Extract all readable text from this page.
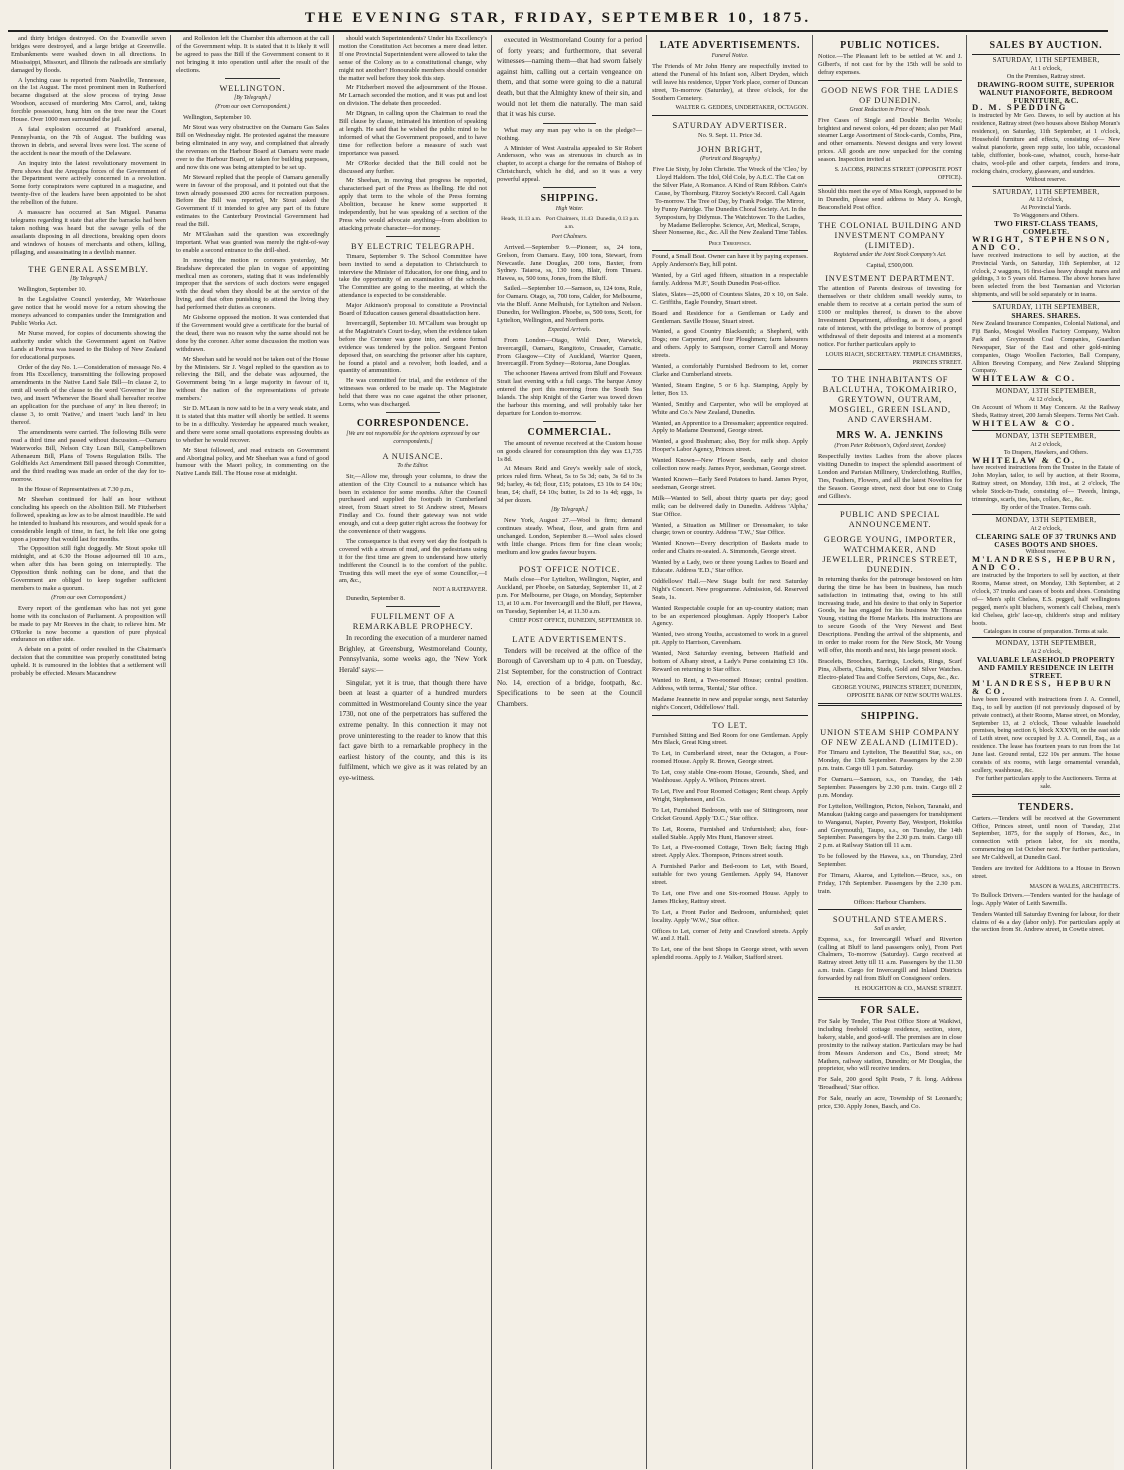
THE EVENING STAR, FRIDAY, SEPTEMBER 10, 1875.

and thirty bridges destroyed. On the Evansville seven bridges were destroyed, and a large bridge at Greenville. Embankments were washed down in all directions. In Mississippi, Missouri, and Illinois the railroads are similarly damaged by floods.

A lynching case is reported from Nashville, Tennessee, on the 1st August. The most prominent men in Rutherford became disguised at the slow process of trying Jesse Woodson, accused of murdering Mrs Carrol, and, taking forcible possession, hung him on the tree near the Court House. Over 1000 men surrounded the jail.

A fatal explosion occurred at Frankford arsenal, Pennsylvania, on the 7th of August. The building was thrown in debris, and several lives were lost. The scene of the accident is near the mouth of the Delaware.

An inquiry into the latest revolutionary movement in Peru shows that the Arequipa forces of the Government of the Department were actively concerned in a revolution. Some forty conspirators were captured in a magazine, and twenty-five of the leaders have been appointed to be shot the rebellion of the future.

A massacre has occurred at San Miguel. Panama telegrams regarding it state that after the barracks had been taken nothing was heard but the savage yells of the assailants disposing in all directions, breaking open doors and windows of houses of merchants and others, killing, pillaging, and assassinating in a devilish manner.

THE GENERAL ASSEMBLY.
[By Telegraph.]

Wellington, September 10.

In the Legislative Council yesterday, Mr Waterhouse gave notice that he would move for a return showing the moneys advanced to companies under the Immigration and Public Works Act.

Mr Nurse moved, for copies of documents showing the authority under which the Government agent on Native Lands at Porirua was issued to the Bishop of New Zealand for educational purposes.

Order of the day No. 1.—Consideration of message No. 4 from His Excellency, transmitting the following proposed amendments in the Native Land Sale Bill—In clause 2, to omit all words of the clause to the word 'Governor' in line two, and insert 'Whenever the Board shall hereafter receive an application for the purchase of any' in lieu thereof; in clause 3, to omit 'Native,' and insert 'such land' in lieu thereof.

The amendments were carried. The following Bills were read a third time and passed without discussion.—Oamaru Waterworks Bill, Nelson City Loan Bill, Campbelltown Athenaeum Bill, Plans of Towns Regulation Bills. The Goldfields Act Amendment Bill passed through Committee, and the third reading was made an order of the day for to-morrow.

In the House of Representatives at 7.30 p.m.,

Mr Sheehan continued for half an hour without concluding his speech on the Abolition Bill. Mr Fitzherbert followed, speaking as low as to be almost inaudible. He said he intended to husband his resources, and would speak for a considerable length of time, in fact, he felt like one going upon a journey that would last for months.

The Opposition still fight doggedly. Mr Stout spoke till midnight, and at 6.30 the House adjourned till 10 a.m., when after this has been going on interruptedly. The Opposition think nothing can be done, and that the Government are obliged to keep together sufficient members to make a quorum.

(From our own Correspondent.)

Every report of the gentleman who has not yet gone home with its conclusion of Parliament. A proposition will be made to pay Mr Reeves in the chair, to relieve him. Mr O'Rorke is now become a question of pure physical endurance on either side.

A debate on a point of order resulted in the Chairman's decision that the committee was properly constituted being upheld. It is rumoured in the lobbies that a settlement will probably be effected. Messrs Macandrew

and Rolleston left the Chamber this afternoon at the call of the Government whip. It is stated that it is likely it will be agreed to pass the Bill if the Government consent to it not bringing it into operation until after the result of the elections.

WELLINGTON.
[By Telegraph.]
(From our own Correspondent.)

Wellington, September 10.

Mr Stout was very obstructive on the Oamaru Gas Sales Bill on Wednesday night. He protested against the measure being eliminated in any way, and complained that already the revenues on the Harbour Board at Oamaru were made over to the Harbour Board, or taken for building purposes, and now this one was being attempted to be set up.

Mr Steward replied that the people of Oamaru generally were in favour of the proposal, and it pointed out that the town already possessed 200 acres for recreation purposes. Before the Bill was reported, Mr Stout asked the Government if it intended to give any part of its future estimates to the Canterbury Provincial Government had read the Bill.

Mr M'Glashan said the question was exceedingly important. What was granted was merely the right-of-way to enable a second entrance to the drill-shed.

In moving the motion re coroners yesterday, Mr Bradshaw deprecated the plan in vogue of appointing medical men as coroners, stating that it was indefensibly improper that the services of such doctors were engaged with the dead when they should be at the service of the living, and that often punishing to attend the living they had performed their duties as coroners.

Mr Gisborne opposed the motion. It was contended that if the Government would give a certificate for the burial of the dead, there was no reason why the same should not be done by the coroner. After some discussion the motion was withdrawn.

Mr Sheehan said he would not be taken out of the House by the Ministers. Sir J. Vogel replied to the question as to relieving the Bill, and the debate was adjourned, the Government being 'in a large majority in favour of it, without the nation of the representations of private members.'

Sir D. M'Lean is now said to be in a very weak state, and it is stated that this matter will shortly be settled. It seems to be in a difficulty. Yesterday he appeared much weaker, and there were some small quotations expressing doubts as to whether he would recover.

Mr Stout followed, and read extracts on Government and Aboriginal policy, and Mr Sheehan was a fund of good humour with the Maori policy, in commenting on the Native Lands Bill. The House rose at midnight.

should watch Superintendents? Under his Excellency's motion the Constitution Act becomes a mere dead letter. If one Provincial Superintendent were allowed to take the sense of the Colony as to a constitutional change, why might not another? Honourable members should consider the matter well before they took this step.

Mr Fitzherbert moved the adjournment of the House. Mr Larnach seconded the motion, and it was put and lost on division. The debate then proceeded.

Mr Dignan, in calling upon the Chairman to read the Bill clause by clause, intimated his intention of speaking at length. He said that he wished the public mind to be informed of what the Government proposed, and to have time for reflection before a measure of such vast importance was passed.

Mr O'Rorke decided that the Bill could not be discussed any further.

Mr Sheehan, in moving that progress be reported, characterised part of the Press as libelling. He did not apply that term to the whole of the Press forming Abolition, because he knew some supported it independently, but he was speaking of a section of the Press who would advocate anything—from abolition to attacking private character—for money.

BY ELECTRIC TELEGRAPH.

Timaru, September 9. The School Committee have been invited to send a deputation to Christchurch to interview the Minister of Education, for one thing, and to take the opportunity of an examination of the schools. The Committee are going to the meeting, at which the attendance is expected to be considerable.

Major Atkinson's proposal to constitute a Provincial Board of Education causes general dissatisfaction here.

Invercargill, September 10. M'Callum was brought up at the Magistrate's Court to-day, when the evidence taken before the Coroner was gone into, and some formal evidence was tendered by the police. Sergeant Fenton deposed that, on searching the prisoner after his capture, he found a pistol and a revolver, both loaded, and a quantity of ammunition.

He was committed for trial, and the evidence of the witnesses was ordered to be made up. The Magistrate held that there was no case against the other prisoner, Lorns, who was discharged.

CORRESPONDENCE.
[We are not responsible for the opinions expressed by our correspondents.]
A NUISANCE.
To the Editor.

Sir,—Allow me, through your columns, to draw the attention of the City Council to a nuisance which has been in existence for some months. After the Council purchased and supplied the footpath in Cumberland street, from Stuart street to St Andrew street, Messrs Findlay and Co. found their gateway was not wide enough, and cut a deep gutter right across the footway for the convenience of their waggons.

The consequence is that every wet day the footpath is covered with a stream of mud, and the pedestrians using it for the first time are given to understand how utterly indifferent the Council is to the comfort of the public. Trusting this will meet the eye of some Councillor,—I am, &c.,

NOT A RATEPAYER.

Dunedin, September 8.

FULFILMENT OF A REMARKABLE PROPHECY.

In recording the execution of a murderer named Brighley, at Greensburg, Westmoreland County, Pennsylvania, some weeks ago, the 'New York Herald' says:—

Singular, yet it is true, that though there have been at least a quarter of a hundred murders committed in Westmoreland County since the year 1730, not one of the perpetrators has suffered the extreme penalty. In this connection it may not prove uninteresting to the reader to know that this fact gave birth to a remarkable prophecy in the earliest history of the county, and this is its fulfilment, which we give as it was related by an eye-witness.

executed in Westmoreland County for a period of forty years; and furthermore, that several witnesses—naming them—that had sworn falsely against him, calling out a certain vengeance on them, and that some were going to die a natural death, but that the Almighty knew of their sin, and would not let them die naturally. The man said that it was his curse.

What may any man pay who is on the pledge?—Nothing.

A Minister of West Australia appealed to Sir Robert Andersson, who was as strenuous in church as in chapter, to accept a charge for the remains of Bishop of Christchurch, which he did, and so it was a very powerful appeal.

SHIPPING.
High Water.
Heads, 11.13 a.m. Port Chalmers, 11.43 a.m.
Dunedin, 0.13 p.m.
Port Chalmers.

Arrived.—September 9.—Pioneer, ss, 24 tons, Grelson, from Oamaru. Easy, 100 tons, Stewart, from Newcastle. Jane Douglas, 200 tons, Baxter, from Sydney. Taiaroa, ss, 130 tons, Blair, from Timaru. Hawea, ss, 500 tons, Jones, from the Bluff.

Sailed.—September 10.—Samson, ss, 124 tons, Rule, for Oamaru. Otago, ss, 700 tons, Calder, for Melbourne, via the Bluff. Anne Melhuish, for Lyttelton and Nelson. Dunedin, for Wellington. Phoebe, ss, 500 tons, Scott, for Lyttelton, Wellington, and Northern ports.

Expected Arrivals.

From London—Otago, Wild Deer, Warwick, Invercargill, Oamaru, Rangitoto, Crusader, Carnatic. From Glasgow—City of Auckland, Warrior Queen, Invercargill. From Sydney—Rotorua, Jane Douglas.

The schooner Hawea arrived from Bluff and Foveaux Strait last evening with a full cargo. The barque Amoy entered the port this morning from the South Sea Islands. The ship Knight of the Garter was towed down the harbour this morning, and will probably take her departure for London to-morrow.

COMMERCIAL.

The amount of revenue received at the Custom house on goods cleared for consumption this day was £1,735 1s 8d.

At Messrs Reid and Grey's weekly sale of stock, prices ruled firm. Wheat, 5s to 5s 3d; oats, 3s 6d to 3s 9d; barley, 4s 6d; flour, £15; potatoes, £3 10s to £4 10s; bran, £4; chaff, £4 10s; butter, 1s 2d to 1s 4d; eggs, 1s 3d per dozen.

[By Telegraph.]

New York, August 27.—Wool is firm; demand continues steady. Wheat, flour, and grain firm and unchanged. London, September 8.—Wool sales closed with little change. Prices firm for fine clean wools; medium and low grades favour buyers.

POST OFFICE NOTICE.

Mails close—For Lyttelton, Wellington, Napier, and Auckland, per Phoebe, on Saturday, September 11, at 2 p.m. For Melbourne, per Otago, on Monday, September 13, at 10 a.m. For Invercargill and the Bluff, per Hawea, on Tuesday, September 14, at 11.30 a.m.

CHIEF POST OFFICE, DUNEDIN, SEPTEMBER 10.
LATE ADVERTISEMENTS.

Tenders will be received at the office of the Borough of Caversham up to 4 p.m. on Tuesday, 21st September, for the construction of Contract No. 14, erection of a bridge, footpath, &c. Specifications to be seen at the Council Chambers.

LATE ADVERTISEMENTS.
Funeral Notice.

The Friends of Mr John Henry are respectfully invited to attend the Funeral of his Infant son, Albert Dryden, which will leave his residence, Upper York place, corner of Duncan street, To-morrow (Saturday), at three o'clock, for the Southern Cemetery.

WALTER G. GEDDES, UNDERTAKER, OCTAGON.
SATURDAY ADVERTISER.
No. 9. Sept. 11. Price 3d.
JOHN BRIGHT,
(Portrait and Biography.)

Five Lie Sixty, by John Christie. The Wreck of the 'Cleo,' by Lloyd Haldorn. The Idol, Old Cole, by A.E.C. The Cat on the Silver Plate, A Romance. A Kind of Rum Ribbon. Cain's Cause, by Thornburg. Fitzroy Society's Record. Call Again To-morrow. The Tree of Day, by Frank Podge. The Mirror, by Funny Patridge. The Dunedin Choral Society. Art. In the Symposium, by Didymus. The Watchtower. To the Ladies, by Madame Bellerophe. Science, Art, Medical, Scraps, Sheer Nonsense, &c., &c. All the New Zealand Time Tables.

Price Threepence.

Found, a Small Boat. Owner can have it by paying expenses. Apply Anderson's Bay, hill point.

Wanted, by a Girl aged fifteen, situation in a respectable family. Address 'M.P.', South Dunedin Post-office.

Slates, Slates—25,000 of Countess Slates, 20 x 10, on Sale. C. Griffiths, Eagle Foundry, Stuart street.

Board and Residence for a Gentleman or Lady and Gentleman. Saville House, Stuart street.

Wanted, a good Country Blacksmith; a Shepherd, with Dogs; one Carpenter, and four Ploughmen; farm labourers and others. Apply to Sampson, corner Carroll and Moray streets.

Wanted, a comfortably Furnished Bedroom to let, corner Clarke and Cumberland streets.

Wanted, Steam Engine, 5 or 6 h.p. Stamping, Apply by letter, Box 13.

Wanted, Smithy and Carpenter, who will be employed at White and Co.'s New Zealand, Dunedin.

Wanted, an Apprentice to a Dressmaker; apprentice required. Apply to Madame Desmond, George street.

Wanted, a good Bushman; also, Boy for milk shop. Apply Hooper's Labor Agency, Princes street.

Wanted Known—New Flower Seeds, early and choice collection now ready. James Pryor, seedsman, George street.

Wanted Known—Early Seed Potatoes to hand. James Pryor, seedsman, George street.

Milk—Wanted to Sell, about thirty quarts per day; good milk; can be delivered daily in Dunedin. Address 'Alpha,' Star Office.

Wanted, a Situation as Milliner or Dressmaker, to take charge; town or country. Address 'T.W.,' Star Office.

Wanted Known—Every description of Baskets made to order and Chairs re-seated. A. Simmonds, George street.

Wanted by a Lady, two or three young Ladies to Board and Educate. Address 'E.D.,' Star office.

Oddfellows' Hall.—New Stage built for next Saturday Night's Concert. New programme. Admission, 6d. Reserved Seats, 1s.

Wanted Respectable couple for an up-country station; man to be an experienced ploughman. Apply Hooper's Labor Agency.

Wanted, two strong Youths, accustomed to work in a gravel pit. Apply to Harrison, Caversham.

Wanted, Next Saturday evening, between Hatfield and bottom of Albany street, a Lady's Purse containing £3 10s. Reward on returning to Star office.

Wanted to Rent, a Two-roomed House; central position. Address, with terms, 'Rental,' Star office.

Madame Jeannette in new and popular songs, next Saturday night's Concert, Oddfellows' Hall.

TO LET.

Furnished Sitting and Bed Room for one Gentleman. Apply Mrs Black, Great King street.

To Let, in Cumberland street, near the Octagon, a Four-roomed House. Apply R. Brown, George street.

To Let, cosy stable One-room House, Grounds, Shed, and Washhouse. Apply A. Wilson, Princes street.

To Let, Five and Four Roomed Cottages; Rent cheap. Apply Wright, Stephenson, and Co.

To Let, Furnished Bedroom, with use of Sittingroom, near Cricket Ground. Apply 'D.C.,' Star office.

To Let, Rooms, Furnished and Unfurnished; also, four-stalled Stable. Apply Mrs Hunt, Hanover street.

To Let, a Five-roomed Cottage, Town Belt; facing High street. Apply Alex. Thompson, Princes street south.

A Furnished Parlor and Bed-room to Let, with Board, suitable for two young Gentlemen. Apply 94, Hanover street.

To Let, one Five and one Six-roomed House. Apply to James Hickey, Rattray street.

To Let, a Front Parlor and Bedroom, unfurnished; quiet locality. Apply 'W.W.,' Star office.

Offices to Let, corner of Jetty and Crawford streets. Apply W. and J. Hall.

To Let, one of the best Shops in George street, with seven splendid rooms. Apply to J. Walker, Stafford street.

PUBLIC NOTICES.

Notice.—The Pleasant left to be settled at W. and J. Gilbert's, if not cast for by the 15th will be sold to defray expenses.

GOOD NEWS FOR THE LADIES OF DUNEDIN.
Great Reduction in Price of Wools.

Five Cases of Single and Double Berlin Wools; brightest and newest colors, 4d per dozen; also per Mail steamer Large Assortment of Stock-cards, Combs, Pins, and other ornaments. Newest designs and very lowest prices. All goods are now unpacked for the coming season. Inspection invited at

S. JACOBS, PRINCES STREET (OPPOSITE POST OFFICE).

Should this meet the eye of Miss Keogh, supposed to be in Dunedin, please send address to Mary A. Keogh, Beaconsfield Post office.

THE COLONIAL BUILDING AND INVESTMENT COMPANY (LIMITED).
Registered under the Joint Stock Company's Act.
Capital, £500,000.
INVESTMENT DEPARTMENT.

The attention of Parents desirous of investing for themselves or their children small weekly sums, to enable them to receive at a certain period the sum of £100 or multiples thereof, is drawn to the above Investment Department, affording, as it does, a good rate of interest, with the privilege to borrow of prompt withdrawal of their deposits and interest at a moment's notice. For further particulars apply to

LOUIS RIACH, SECRETARY. TEMPLE CHAMBERS, PRINCES STREET.
TO THE INHABITANTS OF BALCLUTHA, TOKOMAIRIRO, GREYTOWN, OUTRAM, MOSGIEL, GREEN ISLAND, AND CAVERSHAM.
MRS W. A. JENKINS
(From Peter Robinson's, Oxford street, London)

Respectfully invites Ladies from the above places visiting Dunedin to inspect the splendid assortment of London and Parisian Millinery, Underclothing, Ruffles, Ties, Feathers, Flowers, and all the latest Novelties for the Season. George street, next door but one to Craig and Gillies's.

PUBLIC AND SPECIAL ANNOUNCEMENT.
GEORGE YOUNG, IMPORTER, WATCHMAKER, AND JEWELLER, PRINCES STREET, DUNEDIN.

In returning thanks for the patronage bestowed on him during the time he has been in business, has much satisfaction in intimating that, owing to his still increasing trade, and his desire to that only in Superior Goods, he has engaged for his business Mr Thomas Young, visiting the Home Markets. His instructions are to secure Goods of the Very Newest and Best Descriptions. Pending the arrival of the shipments, and in order to make room for the New Stock, Mr Young will offer, this month and next, his large present stock.

Bracelets, Brooches, Earrings, Lockets, Rings, Scarf Pins, Alberts, Chains, Studs, Gold and Silver Watches. Electro-plated Tea and Coffee Services, Cups, &c., &c.

GEORGE YOUNG, PRINCES STREET, DUNEDIN, OPPOSITE BANK OF NEW SOUTH WALES.
SHIPPING.
UNION STEAM SHIP COMPANY OF NEW ZEALAND (LIMITED).

For Timaru and Lyttelton, The Beautiful Star, s.s., on Monday, the 13th September. Passengers by the 2.30 p.m. train. Cargo till 1 p.m. Saturday.

For Oamaru.—Samson, s.s., on Tuesday, the 14th September. Passengers by 2.30 p.m. train. Cargo till 2 p.m. Monday.

For Lyttelton, Wellington, Picton, Nelson, Taranaki, and Manukau (taking cargo and passengers for transhipment to Wanganui, Napier, Poverty Bay, Westport, Hokitika and Greymouth), Taupo, s.s., on Tuesday, the 14th September. Passengers by the 2.30 p.m. train. Cargo till 2 p.m. at Railway Station till 11 a.m.

To be followed by the Hawea, s.s., on Thursday, 23rd September.

For Timaru, Akaroa, and Lyttelton.—Bruce, s.s., on Friday, 17th September. Passengers by the 2.30 p.m. train.

Offices: Harbour Chambers.
SOUTHLAND STEAMERS.
Sail as under,

Express, s.s., for Invercargill Wharf and Riverton (calling at Bluff to land passengers only), From Port Chalmers, To-morrow (Saturday). Cargo received at Rattray street Jetty till 11 a.m. Passengers by the 11.30 a.m. train. Cargo for Invercargill and Inland Districts forwarded by rail from Bluff on Consignees' orders.

H. HOUGHTON & CO., MANSE STREET.
FOR SALE.

For Sale by Tender, The Post Office Store at Waikiwi, including freehold cottage residence, section, store, bakery, stable, and good-will. The premises are in close proximity to the railway station. Particulars may be had from Messrs Anderson and Co., Bond street; Mr Mathers, railway station, Dunedin; or Mr Douglas, the proprietor, who will receive tenders.

For Sale, 200 good Split Posts, 7 ft. long. Address 'Broadhead,' Star office.

For Sale, nearly an acre, Township of St Leonard's; price, £30. Apply Jones, Basch, and Co.

SALES BY AUCTION.
SATURDAY, 11TH SEPTEMBER,
At 1 o'clock,
On the Premises, Rattray street.
DRAWING-ROOM SUITE, SUPERIOR WALNUT PIANOFORTE, BEDROOM FURNITURE, &C.
D. M. SPEDDING

is instructed by Mr Geo. Dawes, to sell by auction at his residence, Rattray street (two houses above Bishop Moran's residence), on Saturday, 11th September, at 1 o'clock, Household furniture and effects, consisting of— New walnut pianoforte, green repp suite, loo table, occasional table, chiffonier, book-case, whatnot, couch, horse-hair chairs, wool-pile and other carpets, fenders and irons, rocking chairs, crockery, glassware, and sundries.

Without reserve.
SATURDAY, 11TH SEPTEMBER,
At 12 o'clock,
At Provincial Yards.
To Waggoners and Others.
TWO FIRST-CLASS TEAMS, COMPLETE.
WRIGHT, STEPHENSON, AND CO.

have received instructions to sell by auction, at the Provincial Yards, on Saturday, 11th September, at 12 o'clock, 2 waggons, 16 first-class heavy draught mares and geldings, 3 to 5 years old. Harness. The above horses have been selected from the best Tasmanian and Victorian shipments, and will be sold separately or in teams.

SATURDAY, 11TH SEPTEMBER,
SHARES. SHARES.

New Zealand Insurance Companies, Colonial National, and Fiji Banks, Mosgiel Woollen Factory Company, Walton Park and Greymouth Coal Companies, Guardian Newspaper, Star of the East and other gold-mining companies, Otago Woollen Factories, Ball Company, Albion Brewing Company, and New Zealand Shipping Company.

WHITELAW & CO.
MONDAY, 13TH SEPTEMBER,
At 12 o'clock,

On Account of Whom it May Concern. At the Railway Sheds, Rattray street, 200 Jarrah Sleepers. Terms Net Cash.

WHITELAW & CO.
MONDAY, 13TH SEPTEMBER,
At 2 o'clock,
To Drapers, Hawkers, and Others.
WHITELAW & CO.

have received instructions from the Trustee in the Estate of John Moylan, tailor, to sell by auction, at their Rooms, Rattray street, on Monday, 13th inst., at 2 o'clock, The whole Stock-in-Trade, consisting of— Tweeds, linings, trimmings, scarfs, ties, hats, collars, &c., &c.

By order of the Trustee. Terms cash.
MONDAY, 13TH SEPTEMBER,
At 2 o'clock,
CLEARING SALE OF 37 TRUNKS AND CASES BOOTS AND SHOES.
Without reserve.
M'LANDRESS, HEPBURN, AND CO.

are instructed by the Importers to sell by auction, at their Rooms, Manse street, on Monday, 13th September, at 2 o'clock, 37 trunks and cases of boots and shoes. Consisting of— Men's split Chelsea, E.S. pegged, half wellingtons pegged, men's split bluchers, women's calf Chelsea, men's kid Chelsea, girls' lace-up, children's strap and military boots.

Catalogues in course of preparation. Terms at sale.
MONDAY, 13TH SEPTEMBER,
At 2 o'clock,
VALUABLE LEASEHOLD PROPERTY AND FAMILY RESIDENCE IN LEITH STREET.
M'LANDRESS, HEPBURN & CO.

have been favoured with instructions from J. A. Connell, Esq., to sell by auction (if not previously disposed of by private contract), at their Rooms, Manse street, on Monday, September 13, at 2 o'clock, Those valuable leasehold premises, being section 6, block XXXVII, on the east side of Leith street, now occupied by J. A. Connell, Esq., as a residence. The lease has fourteen years to run from the 1st June last. Ground rental, £22 10s per annum. The house consists of six rooms, with large ornamental verandah, scullery, washhouse, &c.

For further particulars apply to the Auctioneers. Terms at sale.
TENDERS.

Carters.—Tenders will be received at the Government Office, Princes street, until noon of Tuesday, 21st September, 1875, for the supply of Horses, &c., in connection with prison labor, for six months, commencing on 1st October next. For further particulars, see Mr Caldwell, at Dunedin Gaol.

Tenders are invited for Additions to a House in Brown street.

MASON & WALES, ARCHITECTS.

To Bullock Drivers.—Tenders wanted for the haulage of logs. Apply Water of Leith Sawmills.

Tenders Wanted till Saturday Evening for labour, for their claims of 4s a day (labor only). For particulars apply at the section from St. Andrew street, in Cowtie street.
